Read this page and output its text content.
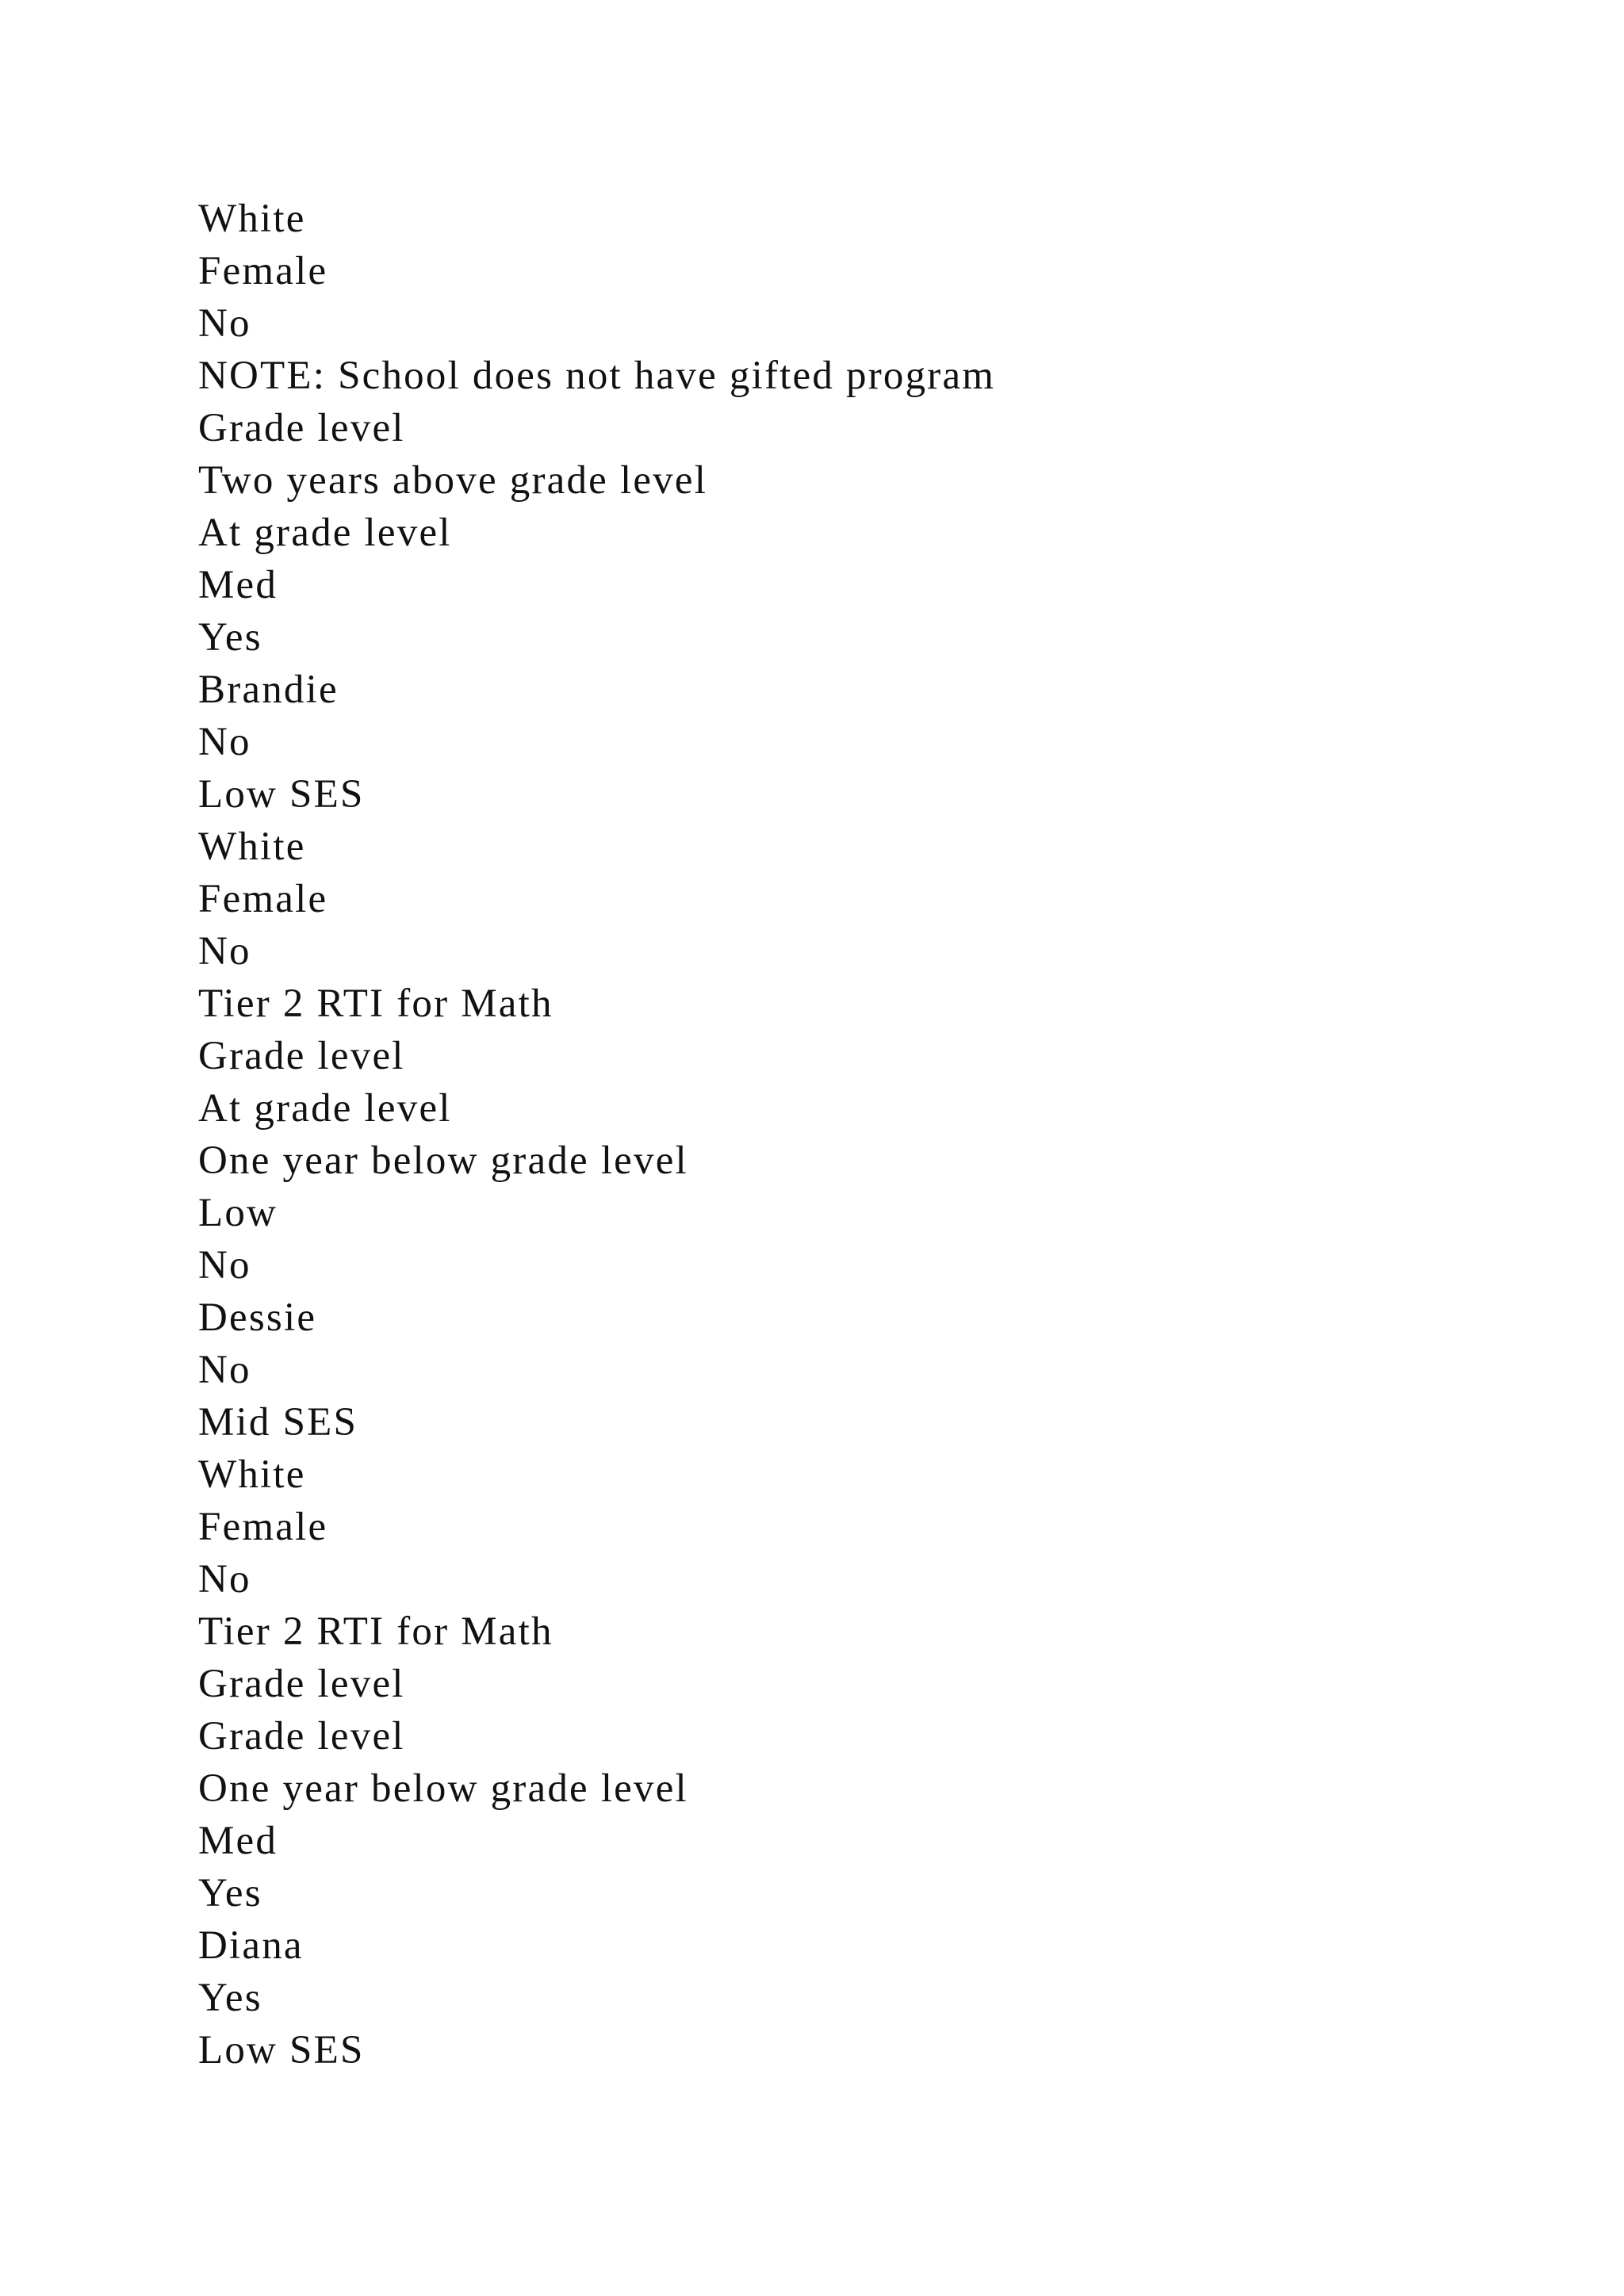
White
Female
No
NOTE: School does not have gifted program
Grade level
Two years above grade level
At grade level
Med
Yes
Brandie
No
Low SES
White
Female
No
Tier 2 RTI for Math
Grade level
At grade level
One year below grade level
Low
No
Dessie
No
Mid SES
White
Female
No
Tier 2 RTI for Math
Grade level
Grade level
One year below grade level
Med
Yes
Diana
Yes
Low SES
